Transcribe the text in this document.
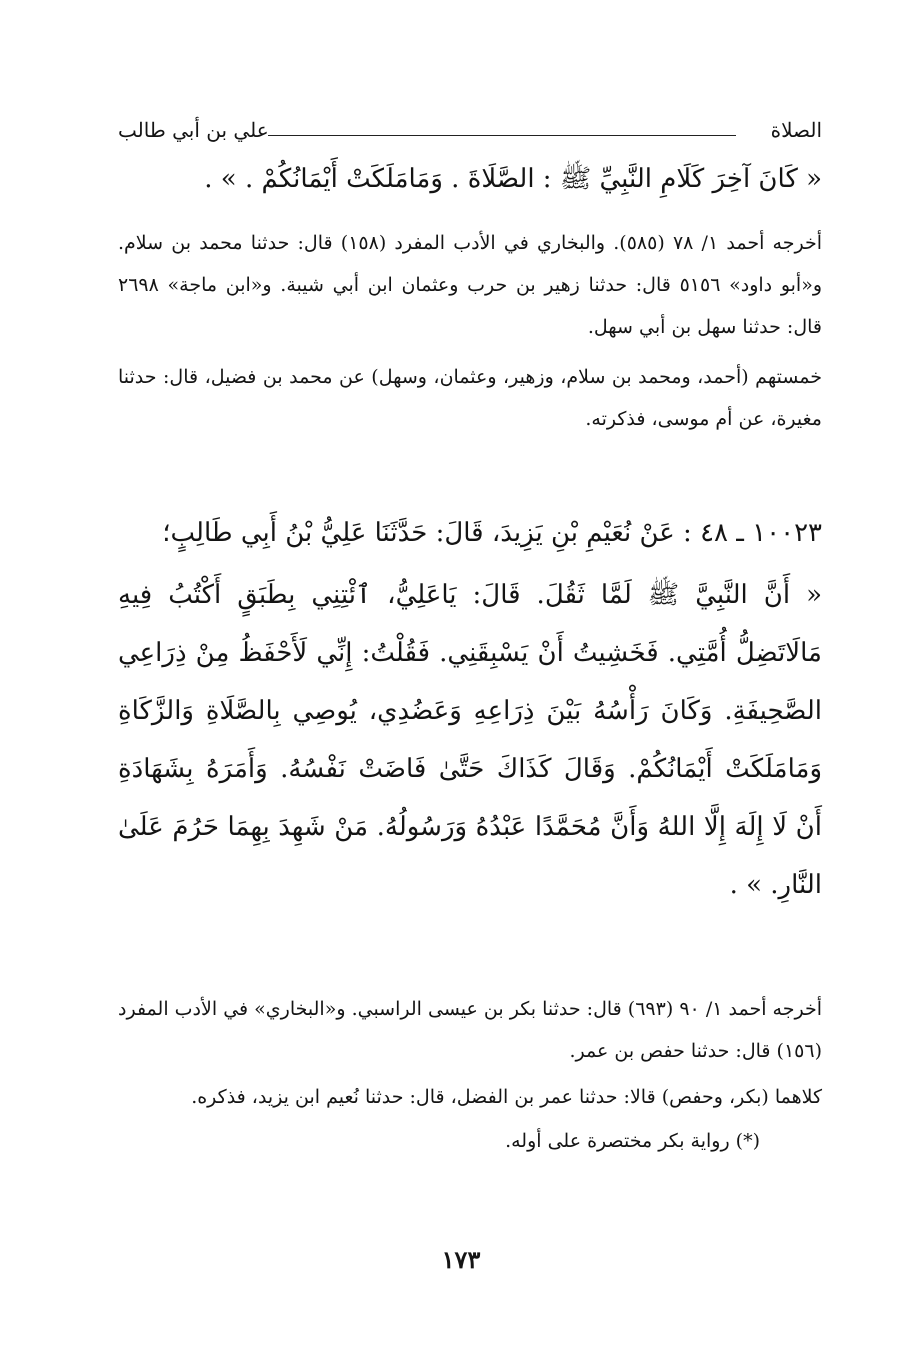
الصلاة
علي بن أبي طالب

« كَانَ آخِرَ كَلَامِ النَّبِيِّ ﷺ : الصَّلَاةَ . وَمَامَلَكَتْ أَيْمَانُكُمْ . » .

أخرجه أحمد ١/ ٧٨ (٥٨٥). والبخاري في الأدب المفرد (١٥٨) قال: حدثنا محمد بن سلام. و«أبو داود» ٥١٥٦ قال: حدثنا زهير بن حرب وعثمان ابن أبي شيبة. و«ابن ماجة» ٢٦٩٨ قال: حدثنا سهل بن أبي سهل.

خمستهم (أحمد، ومحمد بن سلام، وزهير، وعثمان، وسهل) عن محمد بن فضيل، قال: حدثنا مغيرة، عن أم موسى، فذكرته.

١٠٠٢٣ ـ ٤٨ : عَنْ نُعَيْمِ بْنِ يَزِيدَ، قَالَ: حَدَّثَنَا عَلِيُّ بْنُ أَبِي طَالِبٍ؛

« أَنَّ النَّبِيَّ ﷺ لَمَّا ثَقُلَ. قَالَ: يَاعَلِيُّ، ٱئْتِنِي بِطَبَقٍ أَكْتُبُ فِيهِ مَالَاتَضِلُّ أُمَّتِي. فَخَشِيتُ أَنْ يَسْبِقَنِي. فَقُلْتُ: إِنِّي لَأَحْفَظُ مِنْ ذِرَاعِي الصَّحِيفَةِ. وَكَانَ رَأْسُهُ بَيْنَ ذِرَاعِهِ وَعَضُدِي، يُوصِي بِالصَّلَاةِ وَالزَّكَاةِ وَمَامَلَكَتْ أَيْمَانُكُمْ. وَقَالَ كَذَاكَ حَتَّىٰ فَاضَتْ نَفْسُهُ. وَأَمَرَهُ بِشَهَادَةِ أَنْ لَا إِلَهَ إِلَّا اللهُ وَأَنَّ مُحَمَّدًا عَبْدُهُ وَرَسُولُهُ. مَنْ شَهِدَ بِهِمَا حَرُمَ عَلَىٰ النَّارِ. » .

أخرجه أحمد ١/ ٩٠ (٦٩٣) قال: حدثنا بكر بن عيسى الراسبي. و«البخاري» في الأدب المفرد (١٥٦) قال: حدثنا حفص بن عمر.

كلاهما (بكر، وحفص) قالا: حدثنا عمر بن الفضل، قال: حدثنا نُعيم ابن يزيد، فذكره.

(*) رواية بكر مختصرة على أوله.

١٧٣
